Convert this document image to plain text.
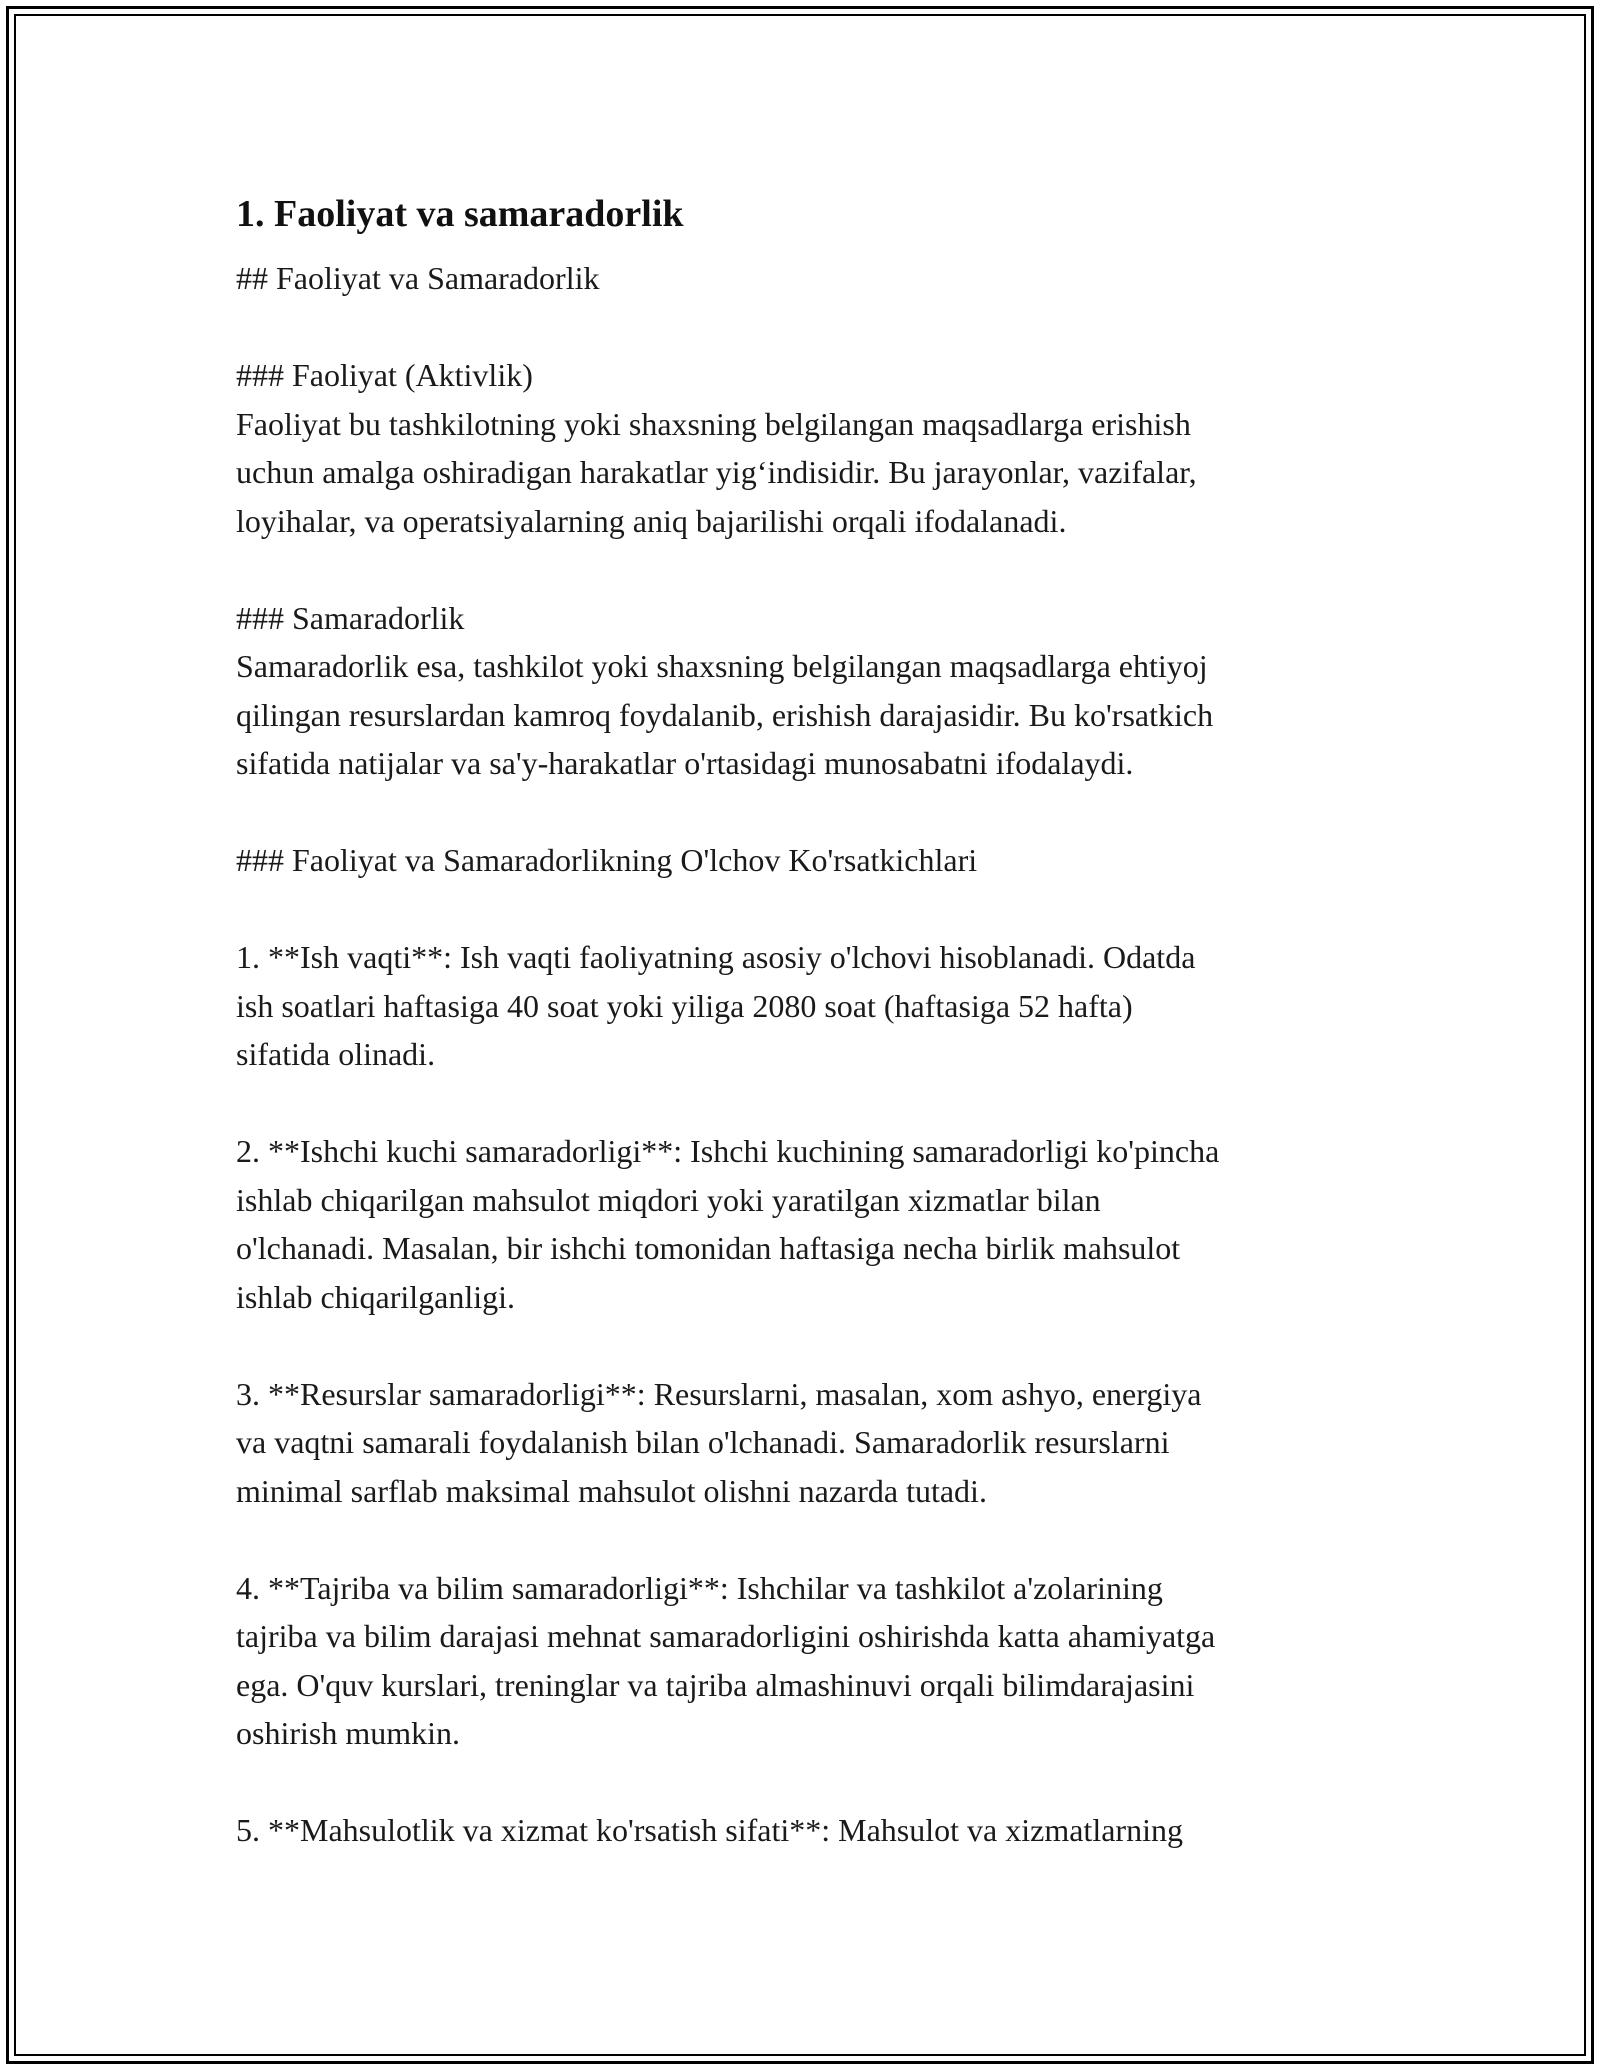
1. Faoliyat va samaradorlik
## Faoliyat va Samaradorlik
### Faoliyat (Aktivlik)
Faoliyat bu tashkilotning yoki shaxsning belgilangan maqsadlarga erishish
uchun amalga oshiradigan harakatlar yig‘indisidir. Bu jarayonlar, vazifalar,
loyihalar, va operatsiyalarning aniq bajarilishi orqali ifodalanadi.
### Samaradorlik
Samaradorlik esa, tashkilot yoki shaxsning belgilangan maqsadlarga ehtiyoj
qilingan resurslardan kamroq foydalanib, erishish darajasidir. Bu ko'rsatkich
sifatida natijalar va sa'y-harakatlar o'rtasidagi munosabatni ifodalaydi.
### Faoliyat va Samaradorlikning O'lchov Ko'rsatkichlari
1. **Ish vaqti**: Ish vaqti faoliyatning asosiy o'lchovi hisoblanadi. Odatda
ish soatlari haftasiga 40 soat yoki yiliga 2080 soat (haftasiga 52 hafta)
sifatida olinadi.
2. **Ishchi kuchi samaradorligi**: Ishchi kuchining samaradorligi ko'pincha
ishlab chiqarilgan mahsulot miqdori yoki yaratilgan xizmatlar bilan
o'lchanadi. Masalan, bir ishchi tomonidan haftasiga necha birlik mahsulot
ishlab chiqarilganligi.
3. **Resurslar samaradorligi**: Resurslarni, masalan, xom ashyo, energiya
va vaqtni samarali foydalanish bilan o'lchanadi. Samaradorlik resurslarni
minimal sarflab maksimal mahsulot olishni nazarda tutadi.
4. **Tajriba va bilim samaradorligi**: Ishchilar va tashkilot a'zolarining
tajriba va bilim darajasi mehnat samaradorligini oshirishda katta ahamiyatga
ega. O'quv kurslari, treninglar va tajriba almashinuvi orqali bilimdarajasini
oshirish mumkin.
5. **Mahsulotlik va xizmat ko'rsatish sifati**: Mahsulot va xizmatlarning
